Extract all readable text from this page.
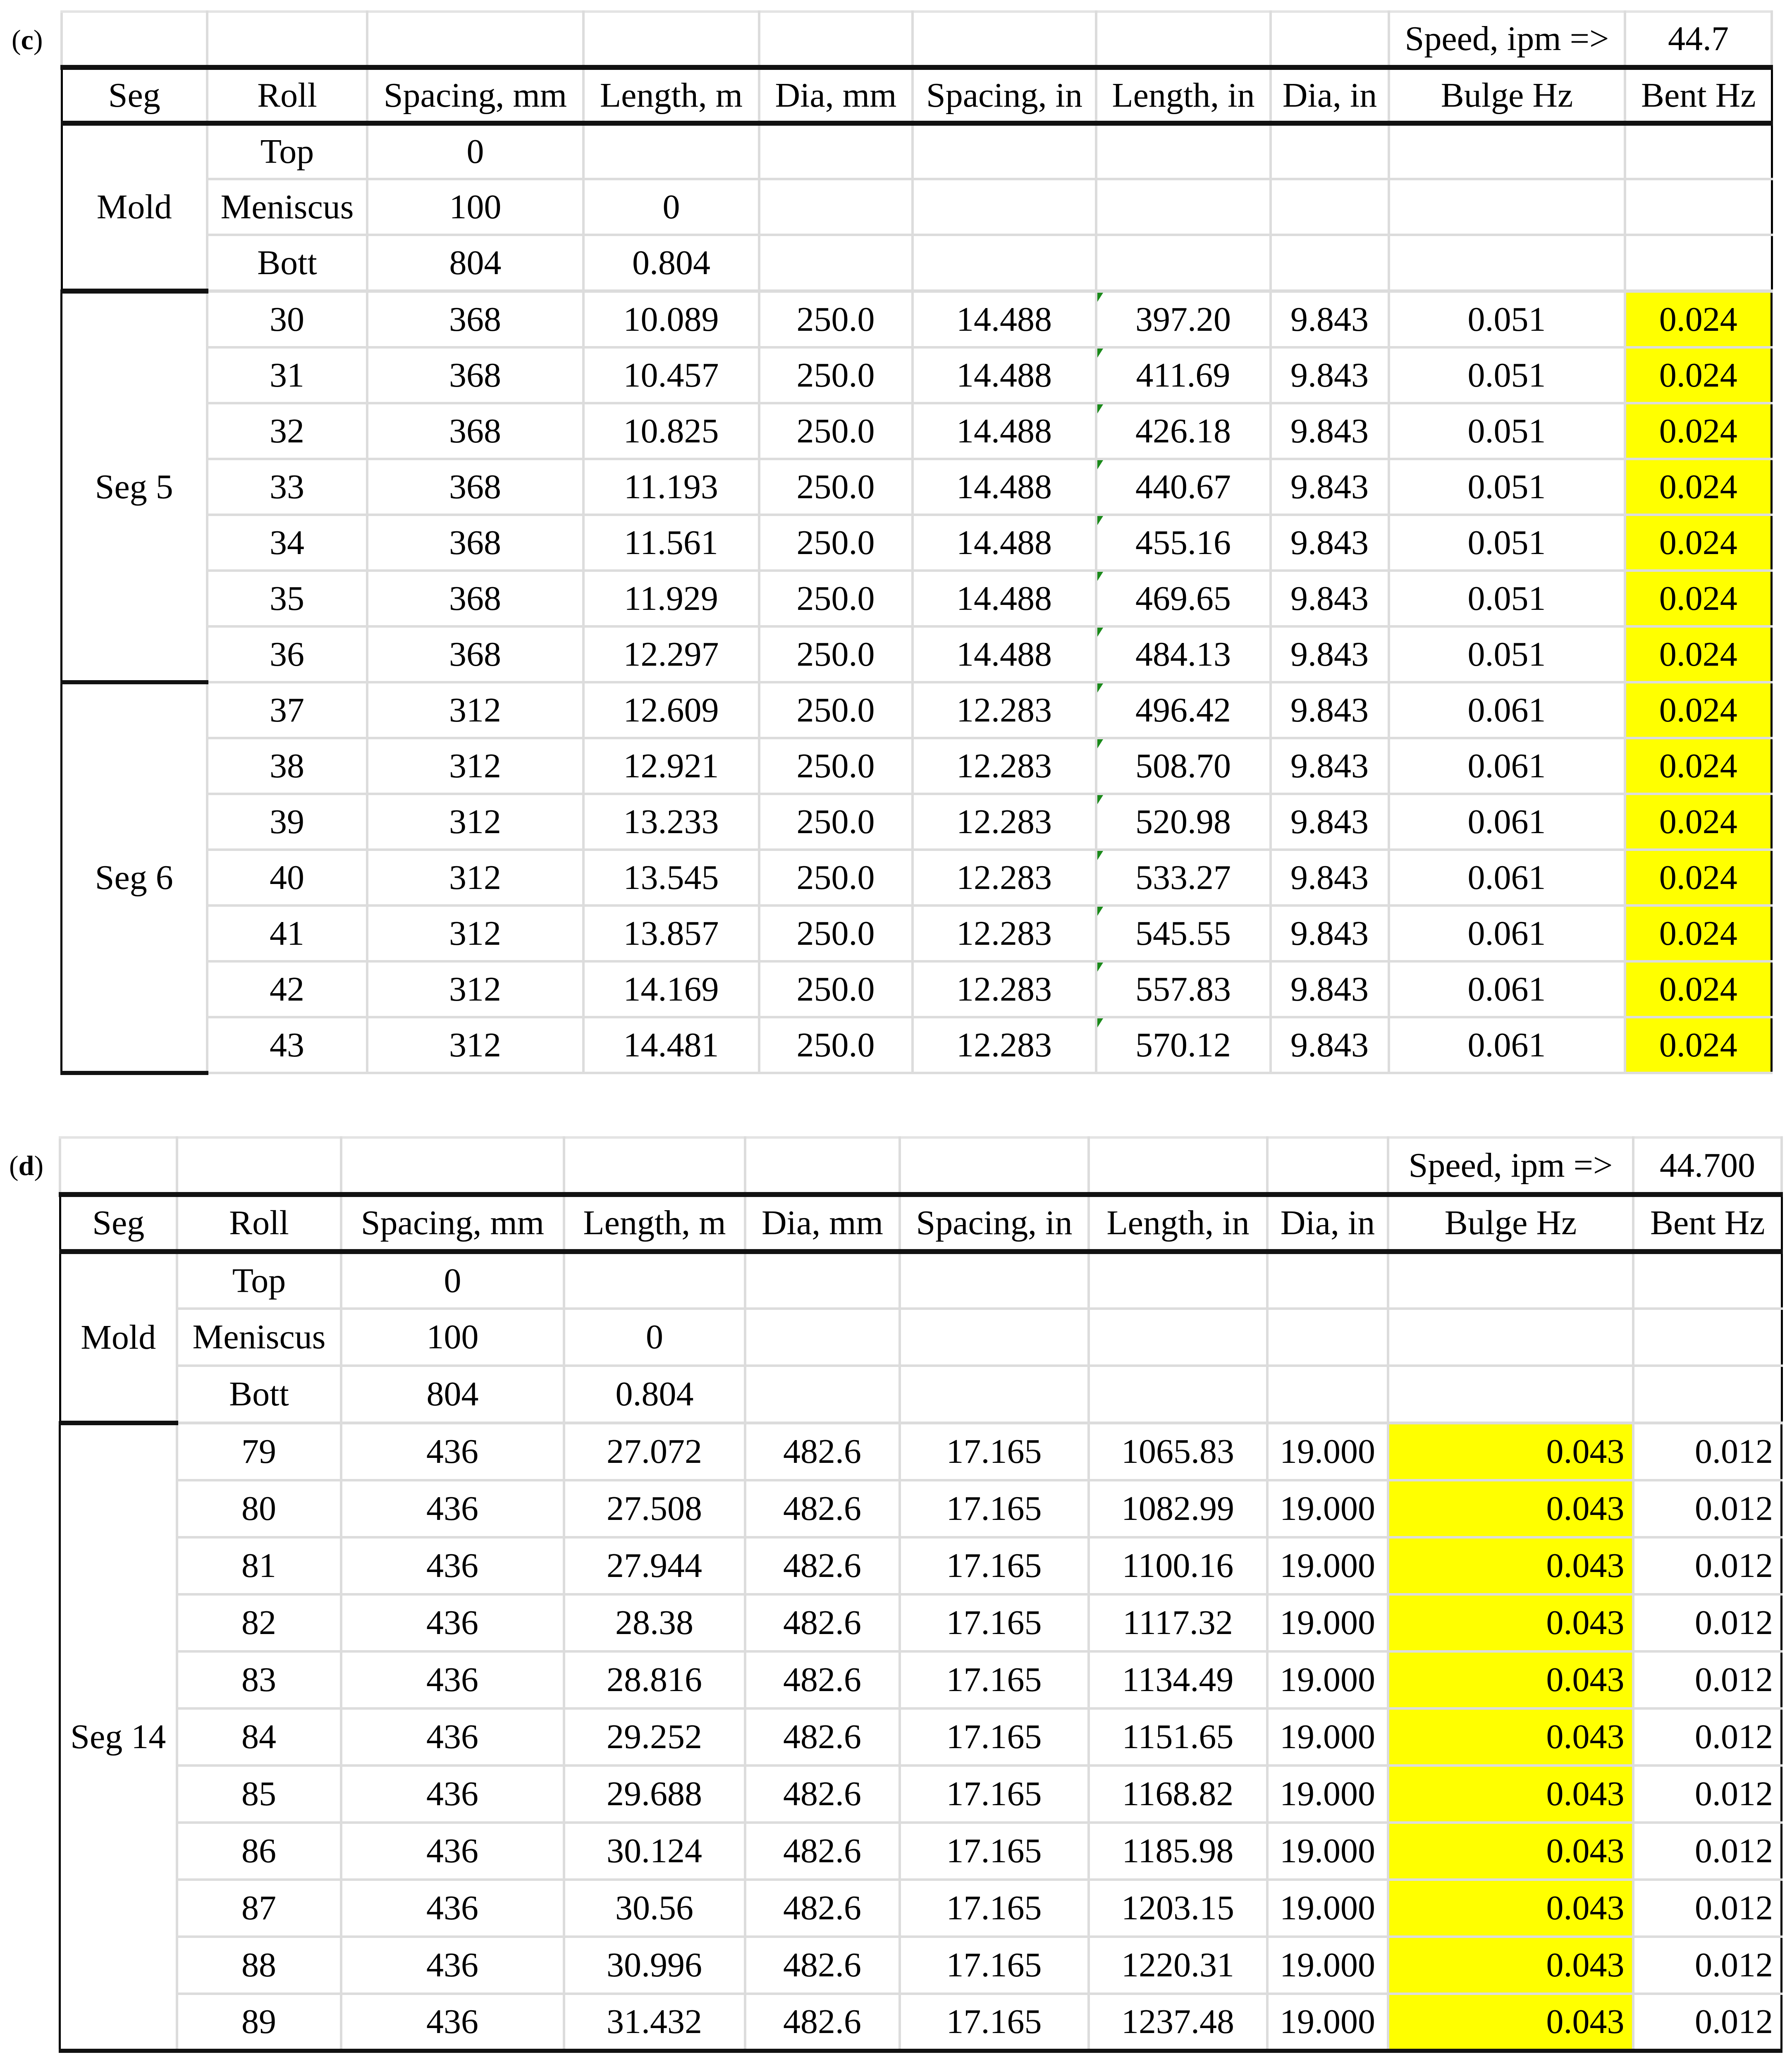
(c)
									Speed, ipm =>	44.7
Seg	Roll	Spacing, mm	Length, m	Dia, mm	Spacing, in	Length, in	Dia, in	Bulge Hz	Bent Hz
Mold	Top	0							
	Meniscus	100	0						
	Bott	804	0.804						
Seg 5	30	368	10.089	250.0	14.488	397.20	9.843	0.051	0.024
	31	368	10.457	250.0	14.488	411.69	9.843	0.051	0.024
	32	368	10.825	250.0	14.488	426.18	9.843	0.051	0.024
	33	368	11.193	250.0	14.488	440.67	9.843	0.051	0.024
	34	368	11.561	250.0	14.488	455.16	9.843	0.051	0.024
	35	368	11.929	250.0	14.488	469.65	9.843	0.051	0.024
	36	368	12.297	250.0	14.488	484.13	9.843	0.051	0.024
Seg 6	37	312	12.609	250.0	12.283	496.42	9.843	0.061	0.024
	38	312	12.921	250.0	12.283	508.70	9.843	0.061	0.024
	39	312	13.233	250.0	12.283	520.98	9.843	0.061	0.024
	40	312	13.545	250.0	12.283	533.27	9.843	0.061	0.024
	41	312	13.857	250.0	12.283	545.55	9.843	0.061	0.024
	42	312	14.169	250.0	12.283	557.83	9.843	0.061	0.024
	43	312	14.481	250.0	12.283	570.12	9.843	0.061	0.024
(d)
									Speed, ipm =>	44.700
Seg	Roll	Spacing, mm	Length, m	Dia, mm	Spacing, in	Length, in	Dia, in	Bulge Hz	Bent Hz
Mold	Top	0							
	Meniscus	100	0						
	Bott	804	0.804						
Seg 14	79	436	27.072	482.6	17.165	1065.83	19.000	0.043	0.012
	80	436	27.508	482.6	17.165	1082.99	19.000	0.043	0.012
	81	436	27.944	482.6	17.165	1100.16	19.000	0.043	0.012
	82	436	28.38	482.6	17.165	1117.32	19.000	0.043	0.012
	83	436	28.816	482.6	17.165	1134.49	19.000	0.043	0.012
	84	436	29.252	482.6	17.165	1151.65	19.000	0.043	0.012
	85	436	29.688	482.6	17.165	1168.82	19.000	0.043	0.012
	86	436	30.124	482.6	17.165	1185.98	19.000	0.043	0.012
	87	436	30.56	482.6	17.165	1203.15	19.000	0.043	0.012
	88	436	30.996	482.6	17.165	1220.31	19.000	0.043	0.012
	89	436	31.432	482.6	17.165	1237.48	19.000	0.043	0.012
